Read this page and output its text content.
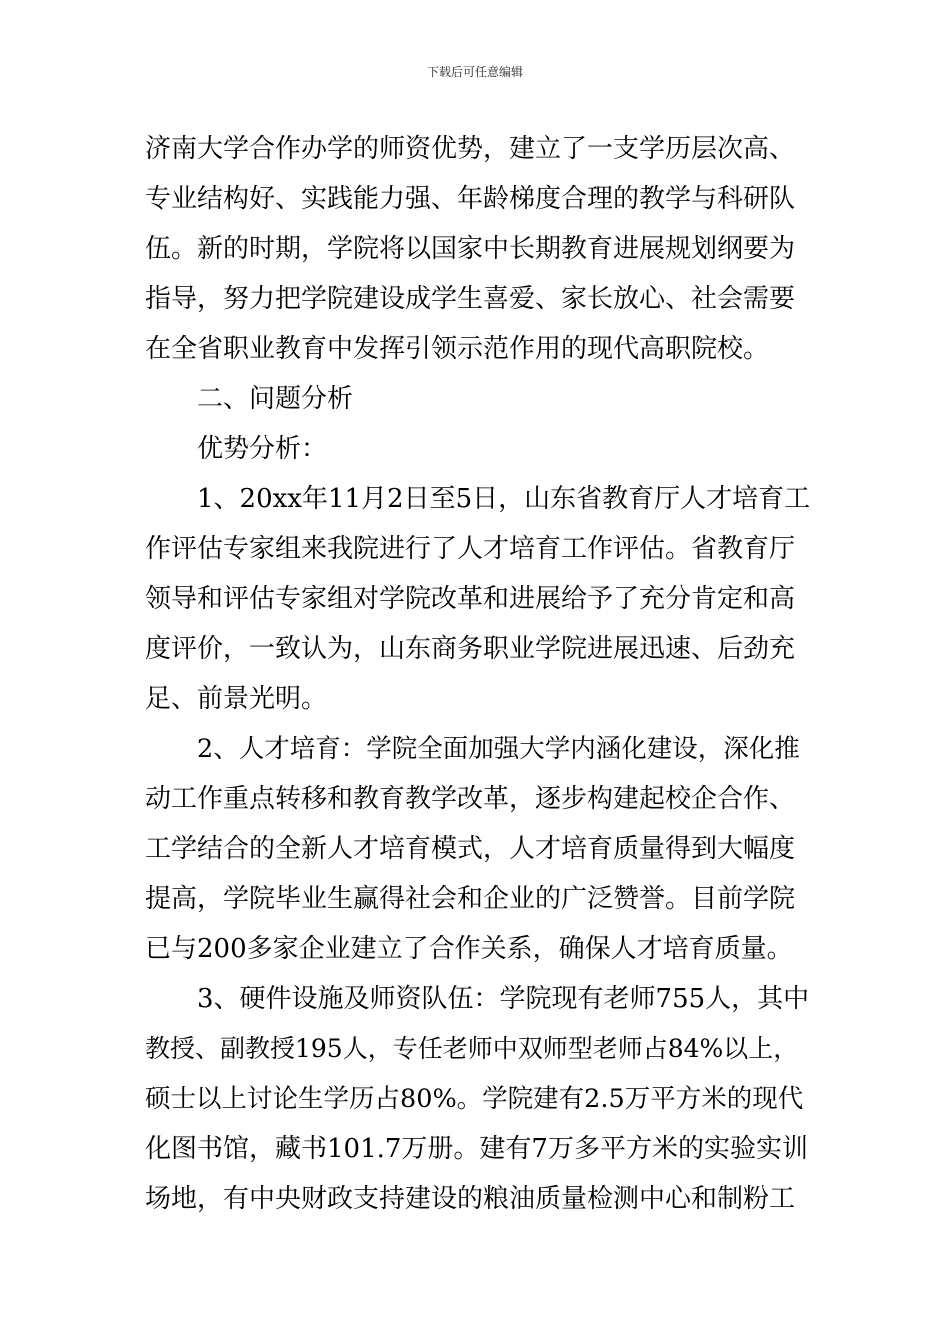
下载后可任意编辑
济南大学合作办学的师资优势，建立了一支学历层次高、
专业结构好、实践能力强、年龄梯度合理的教学与科研队
伍。新的时期，学院将以国家中长期教育进展规划纲要为
指导，努力把学院建设成学生喜爱、家长放心、社会需要
在全省职业教育中发挥引领示范作用的现代高职院校。
二、问题分析
优势分析：
1、20xx年11月2日至5日，山东省教育厅人才培育工
作评估专家组来我院进行了人才培育工作评估。省教育厅
领导和评估专家组对学院改革和进展给予了充分肯定和高
度评价，一致认为，山东商务职业学院进展迅速、后劲充
足、前景光明。
2、人才培育：学院全面加强大学内涵化建设，深化推
动工作重点转移和教育教学改革，逐步构建起校企合作、
工学结合的全新人才培育模式，人才培育质量得到大幅度
提高，学院毕业生赢得社会和企业的广泛赞誉。目前学院
已与200多家企业建立了合作关系，确保人才培育质量。
3、硬件设施及师资队伍：学院现有老师755人，其中
教授、副教授195人，专任老师中双师型老师占84%以上，
硕士以上讨论生学历占80%。学院建有2.5万平方米的现代
化图书馆，藏书101.7万册。建有7万多平方米的实验实训
场地，有中央财政支持建设的粮油质量检测中心和制粉工
